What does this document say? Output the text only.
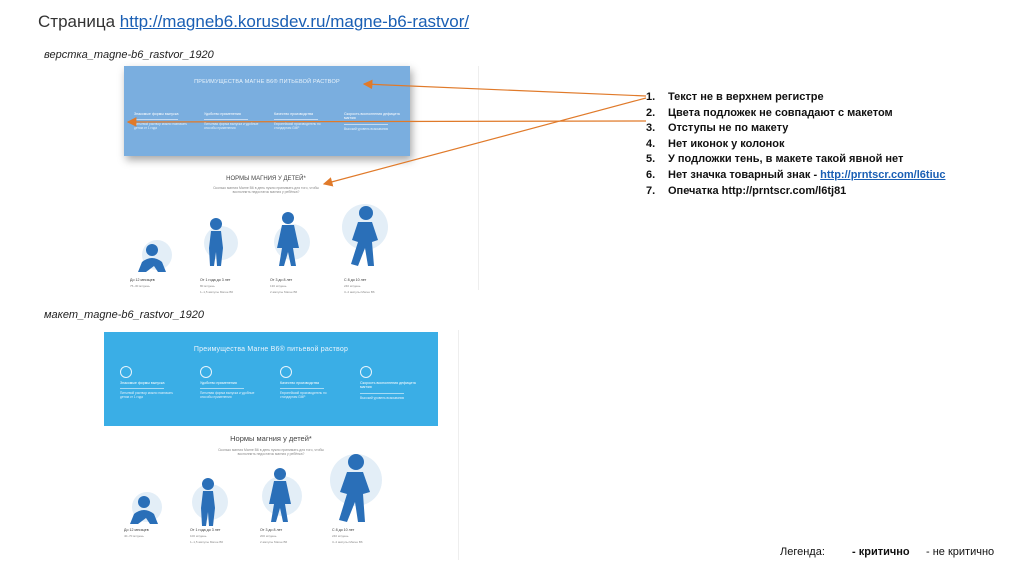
Страница http://magneb6.korusdev.ru/magne-b6-rastvor/
верстка_magne-b6_rastvor_1920
ПРЕИМУЩЕСТВА МАГНЕ В6® ПИТЬЕВОЙ РАСТВОР
Знакомые формы выпуска
Питьевой раствор можно назначать детям от 1 года
Удобство применения
Питьевая форма выпуска и удобные способы применения
Качество производства
Европейский производитель по стандартам GMP
Скорость восполнения дефицита магния
Высокий уровень всасывания
НОРМЫ МАГНИЯ У ДЕТЕЙ*
Сколько магния Магне В6 в день нужно принимать для того, чтобы
восполнить недостаток магния у ребёнка?
До 12 месяцев
75–30 мг/день
От 1 года до 3 лет
80 мг/день
1–1,5 ампулы Магне В6
От 3 до 8 лет
130 мг/день
2 ампулы Магне В6
С 8 до 10 лет
240 мг/день
3–4 ампулы Магне В6
макет_magne-b6_rastvor_1920
Преимущества Магне В6® питьевой раствор
Знакомые формы выпуска
Питьевой раствор можно назначать детям от 1 года
Удобство применения
Питьевая форма выпуска и удобные способы применения
Качество производства
Европейский производитель по стандартам GMP
Скорость восполнения дефицита магния
Высокий уровень всасывания
Нормы магния у детей*
Сколько магния Магне В6 в день нужно принимать для того, чтобы
восполнить недостаток магния у ребёнка?
До 12 месяцев
40–70 мг/день
От 1 года до 3 лет
100 мг/день
1–1,5 ампулы Магне В6
От 3 до 8 лет
200 мг/день
2 ампулы Магне В6
С 8 до 10 лет
240 мг/день
3–4 ампулы Магне В6
1. Текст не в верхнем регистре
2. Цвета подложек не совпадают с макетом
3. Отступы не по макету
4. Нет иконок у колонок
5. У подложки тень, в макете такой явной нет
6. Нет значка товарный знак - http://prntscr.com/l6tiuc
7. Опечатка http://prntscr.com/l6tj81
Легенда: - критично - не критично
